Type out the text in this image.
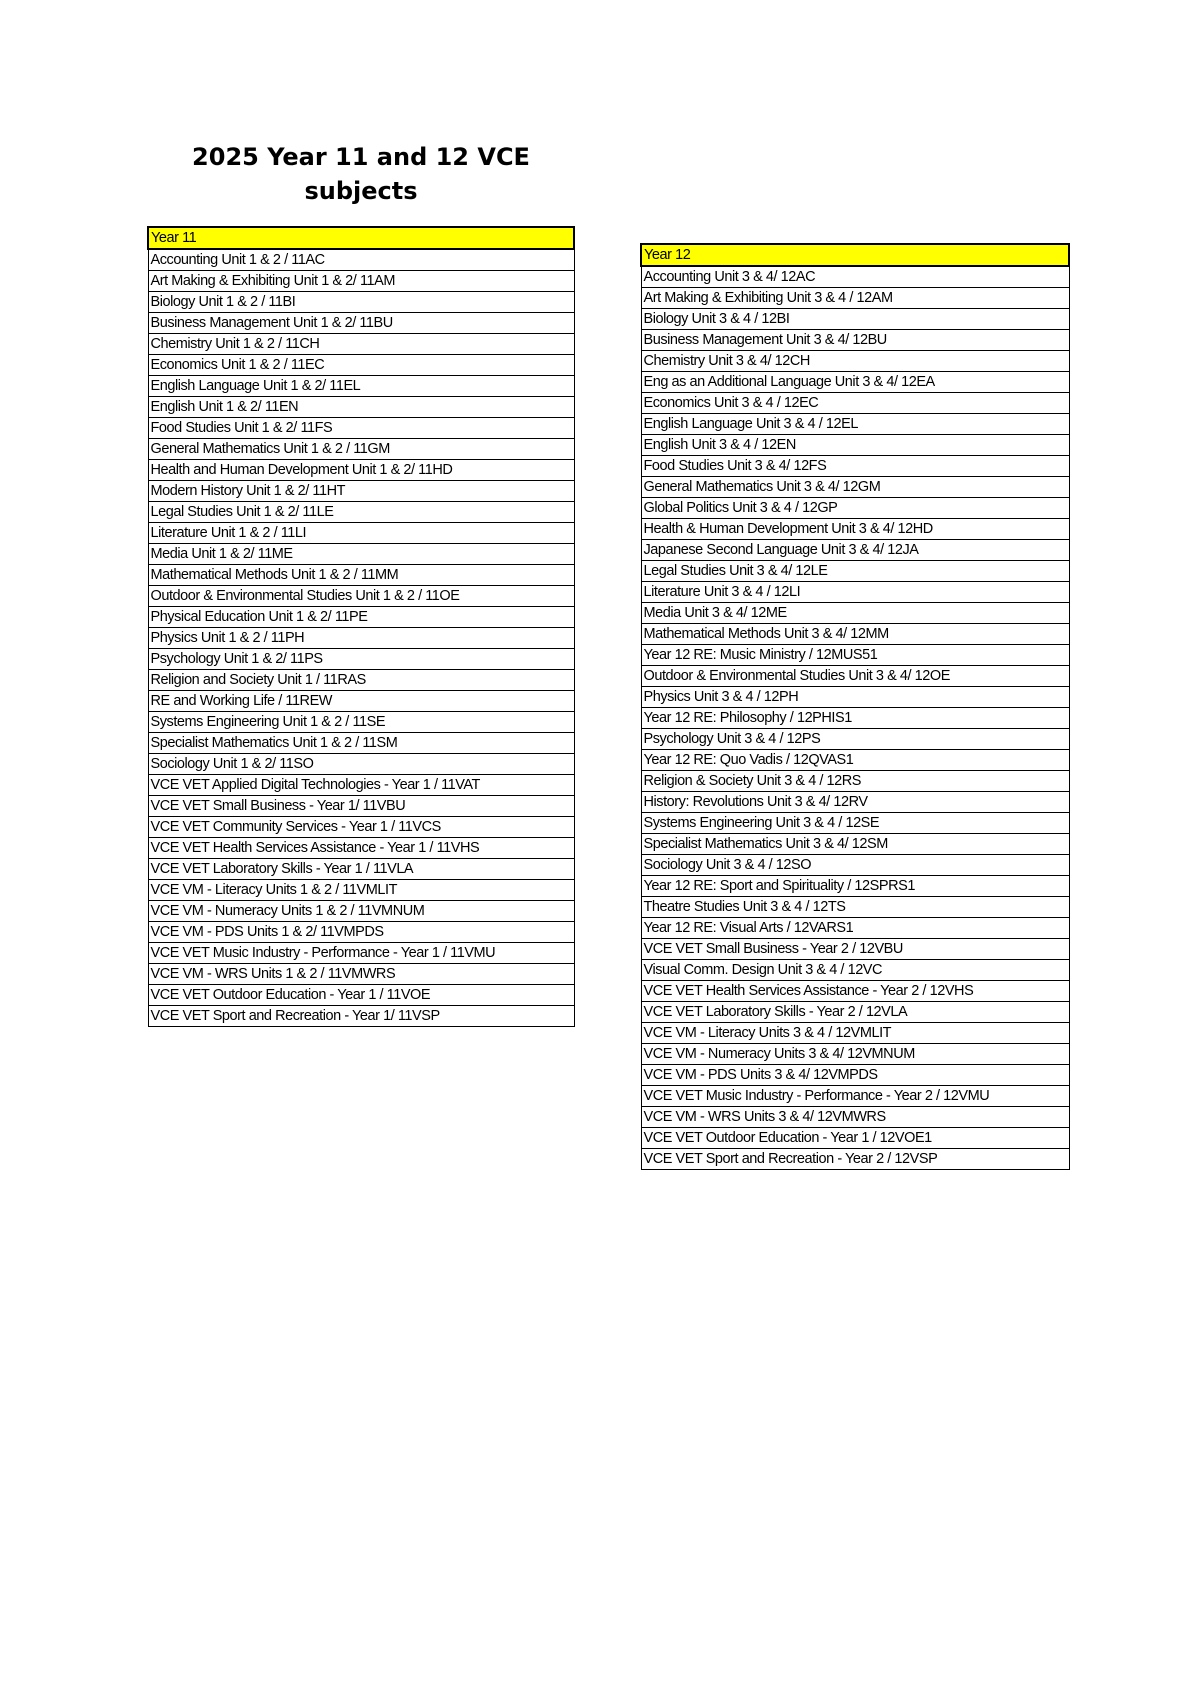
2025 Year 11 and 12 VCE
subjects
Year 11
Accounting Unit 1 & 2 / 11AC
Art Making & Exhibiting Unit 1 & 2/ 11AM
Biology Unit 1 & 2 / 11BI
Business Management Unit 1 & 2/ 11BU
Chemistry Unit 1 & 2 / 11CH
Economics Unit 1 & 2 / 11EC
English Language Unit 1 & 2/ 11EL
English Unit 1 & 2/ 11EN
Food Studies Unit 1 & 2/ 11FS
General Mathematics Unit 1 & 2 / 11GM
Health and Human Development Unit 1 & 2/ 11HD
Modern History Unit 1 & 2/ 11HT
Legal Studies Unit 1 & 2/ 11LE
Literature Unit 1 & 2 / 11LI
Media Unit 1 & 2/ 11ME
Mathematical Methods Unit 1 & 2 / 11MM
Outdoor & Environmental Studies Unit 1 & 2 / 11OE
Physical Education Unit 1 & 2/ 11PE
Physics Unit 1 & 2 / 11PH
Psychology Unit 1 & 2/ 11PS
Religion and Society Unit 1 / 11RAS
RE and Working Life / 11REW
Systems Engineering Unit 1 & 2 / 11SE
Specialist Mathematics Unit 1 & 2 / 11SM
Sociology Unit 1 & 2/ 11SO
VCE VET Applied Digital Technologies - Year 1 / 11VAT
VCE VET Small Business - Year 1/ 11VBU
VCE VET Community Services - Year 1 / 11VCS
VCE VET Health Services Assistance - Year 1 / 11VHS
VCE VET Laboratory Skills - Year 1 / 11VLA
VCE VM - Literacy Units 1 & 2 / 11VMLIT
VCE VM - Numeracy Units 1 & 2 / 11VMNUM
VCE VM - PDS Units 1 & 2/ 11VMPDS
VCE VET Music Industry - Performance - Year 1 / 11VMU
VCE VM - WRS Units 1 & 2 / 11VMWRS
VCE VET Outdoor Education - Year 1 / 11VOE
VCE VET Sport and Recreation - Year 1/ 11VSP
Year 12
Accounting Unit 3 & 4/ 12AC
Art Making & Exhibiting Unit 3 & 4 / 12AM
Biology Unit 3 & 4 / 12BI
Business Management Unit 3 & 4/ 12BU
Chemistry Unit 3 & 4/ 12CH
Eng as an Additional Language Unit 3 & 4/ 12EA
Economics Unit 3 & 4 / 12EC
English Language Unit 3 & 4 / 12EL
English Unit 3 & 4 / 12EN
Food Studies Unit 3 & 4/ 12FS
General Mathematics Unit 3 & 4/ 12GM
Global Politics Unit 3 & 4 / 12GP
Health & Human Development Unit 3 & 4/ 12HD
Japanese Second Language Unit 3 & 4/ 12JA
Legal Studies Unit 3 & 4/ 12LE
Literature Unit 3 & 4 / 12LI
Media Unit 3 & 4/ 12ME
Mathematical Methods Unit 3 & 4/ 12MM
Year 12 RE: Music Ministry / 12MUS51
Outdoor & Environmental Studies Unit 3 & 4/ 12OE
Physics Unit 3 & 4 / 12PH
Year 12 RE: Philosophy / 12PHIS1
Psychology Unit 3 & 4 / 12PS
Year 12 RE: Quo Vadis / 12QVAS1
Religion & Society Unit 3 & 4 / 12RS
History: Revolutions Unit 3 & 4/ 12RV
Systems Engineering Unit 3 & 4 / 12SE
Specialist Mathematics Unit 3 & 4/ 12SM
Sociology Unit 3 & 4 / 12SO
Year 12 RE: Sport and Spirituality / 12SPRS1
Theatre Studies Unit 3 & 4 / 12TS
Year 12 RE: Visual Arts / 12VARS1
VCE VET Small Business - Year 2 / 12VBU
Visual Comm. Design Unit 3 & 4 / 12VC
VCE VET Health Services Assistance - Year 2 / 12VHS
VCE VET Laboratory Skills - Year 2 / 12VLA
VCE VM - Literacy Units 3 & 4 / 12VMLIT
VCE VM - Numeracy Units 3 & 4/ 12VMNUM
VCE VM - PDS Units 3 & 4/ 12VMPDS
VCE VET Music Industry - Performance - Year 2 / 12VMU
VCE VM - WRS Units 3 & 4/ 12VMWRS
VCE VET Outdoor Education - Year 1 / 12VOE1
VCE VET Sport and Recreation - Year 2 / 12VSP
